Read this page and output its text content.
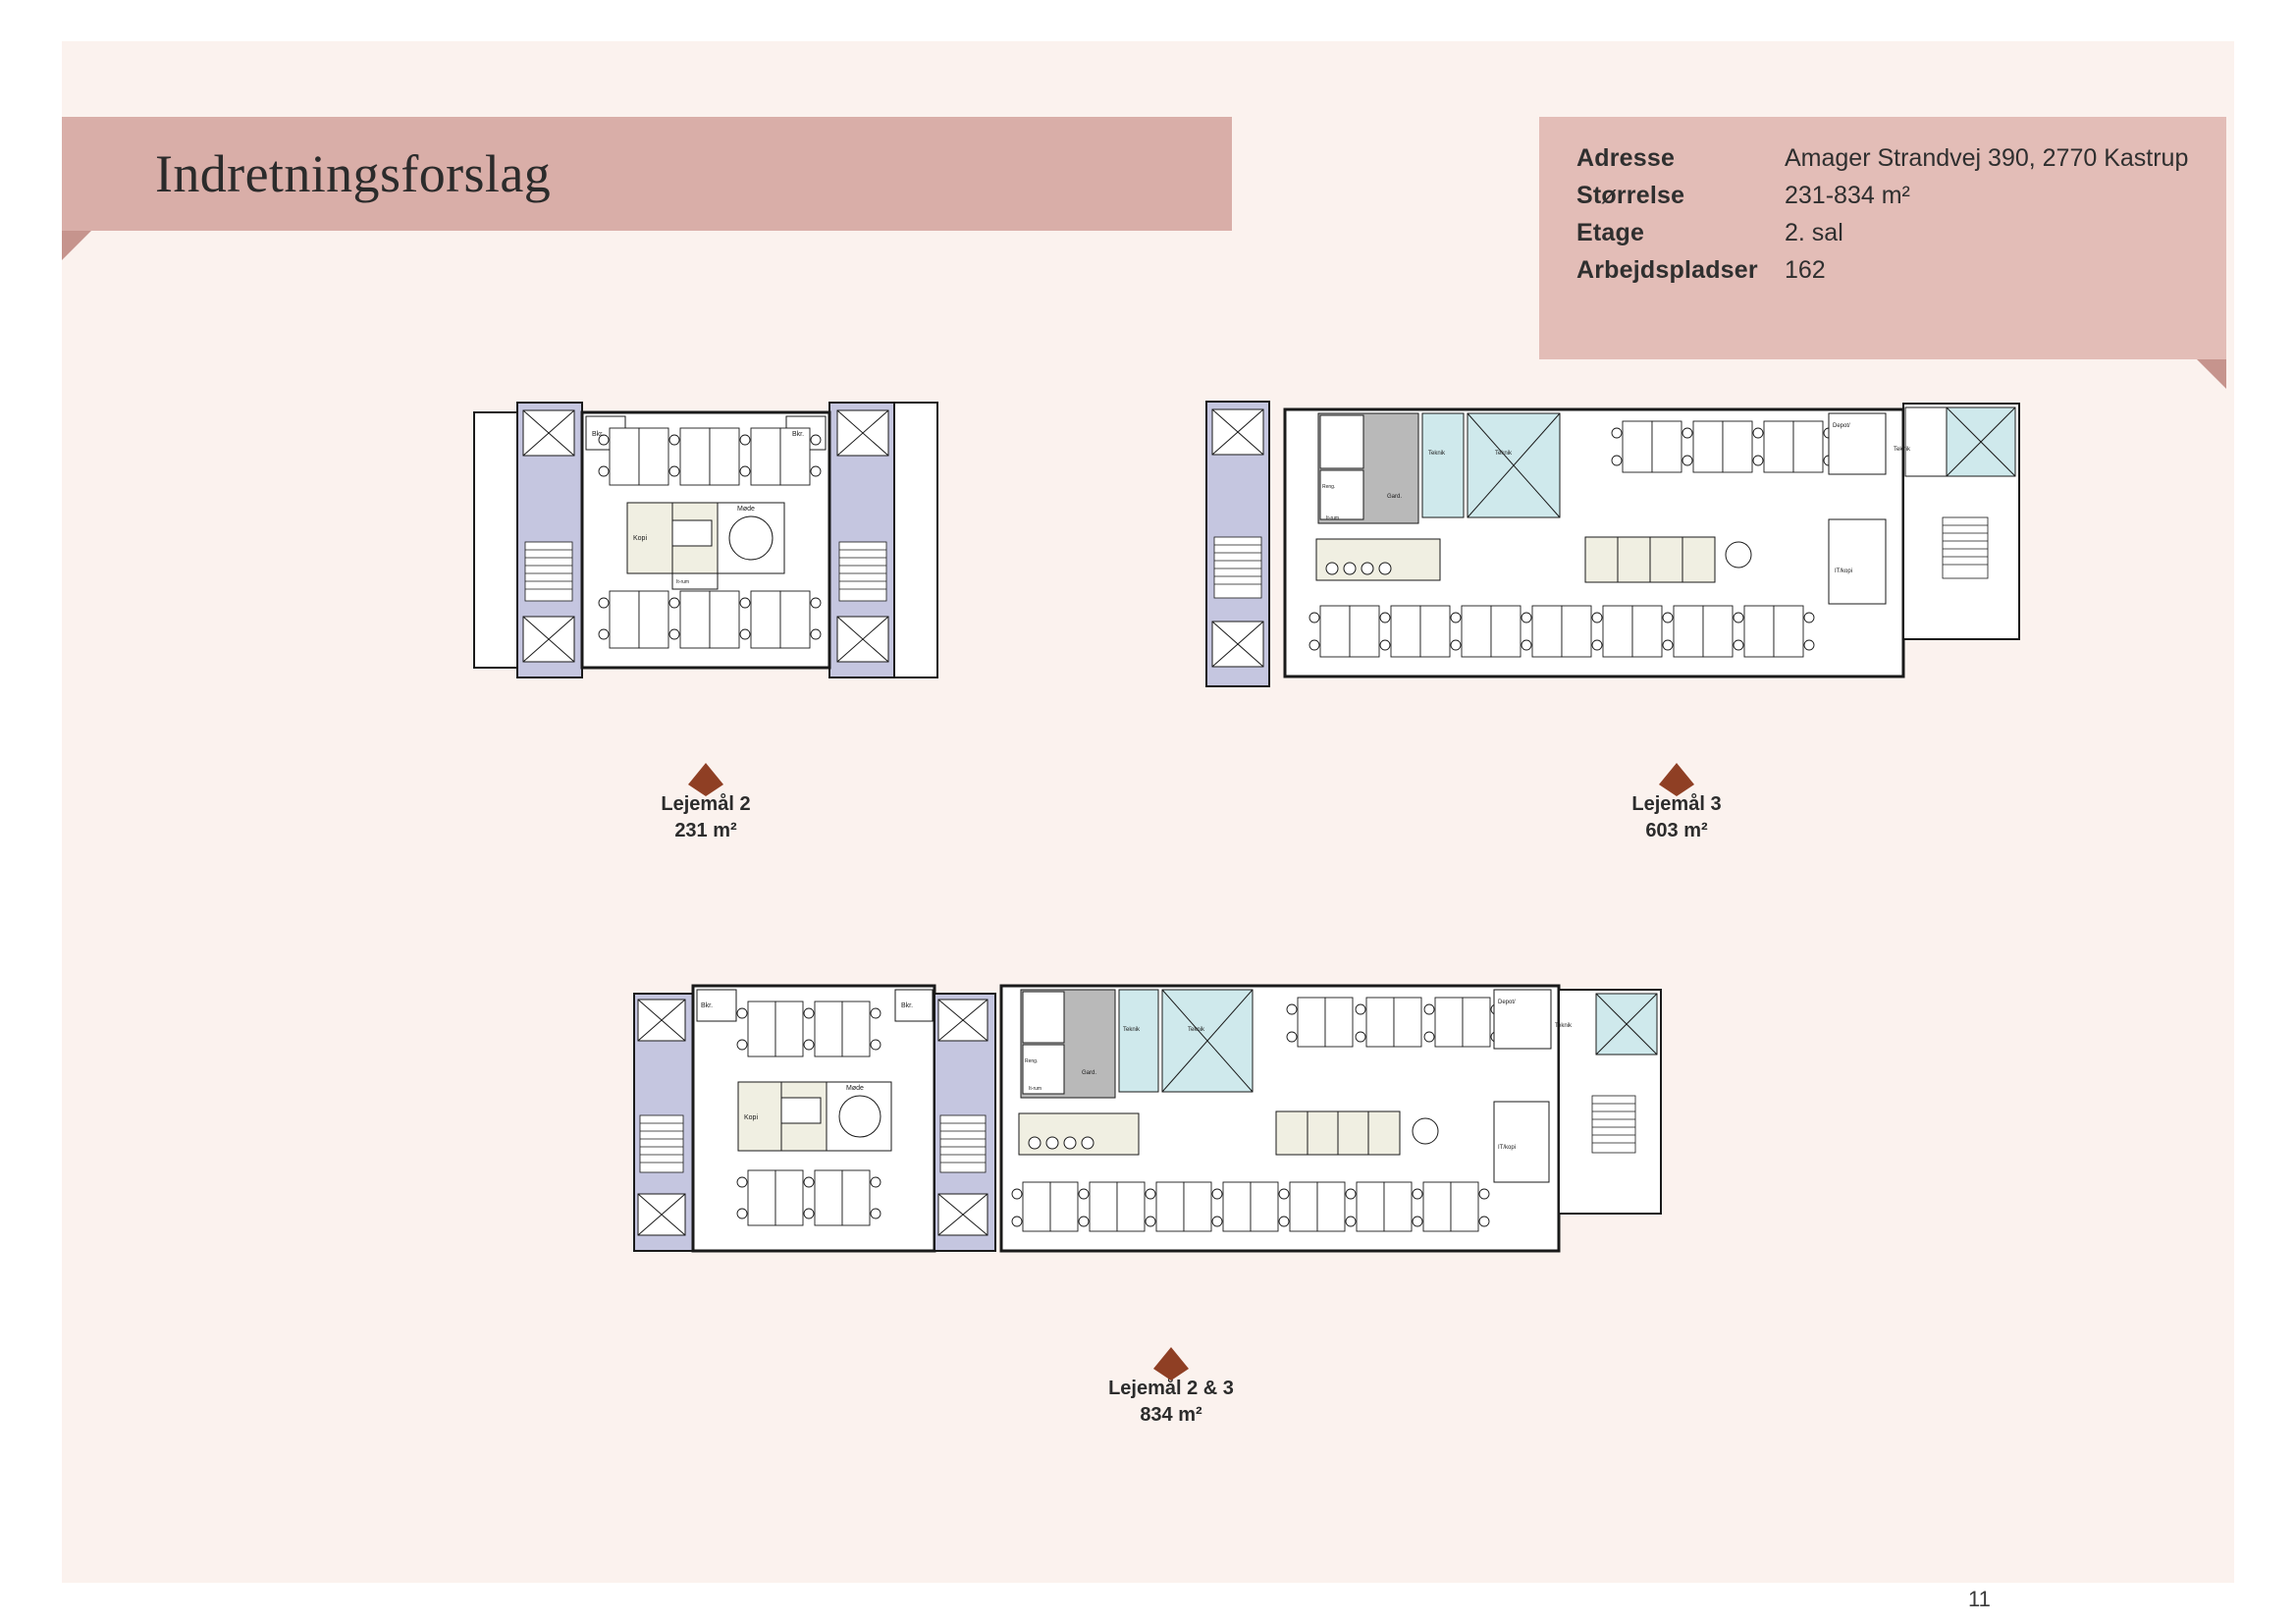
Indretningsforslag	Adresse	Amager Strandvej 390, 2770 Kastrup
Størrelse	231-834 m²
Etage	2. sal
Arbejdspladser	162
Bkr.	Bkr.
Kopi
Møde
It-rum
Lejemål 2
231 m²
Reng.
Gard.
Teknik	Teknik
Depot/
Teknik
IT/kopi
It-rum
Lejemål 3
603 m²
Bkr.	Bkr.
Kopi
Møde
Reng.
Gard.
Teknik	Teknik
Depot/
Teknik
IT/kopi
It-rum
Lejemål 2 & 3
834 m²
11
